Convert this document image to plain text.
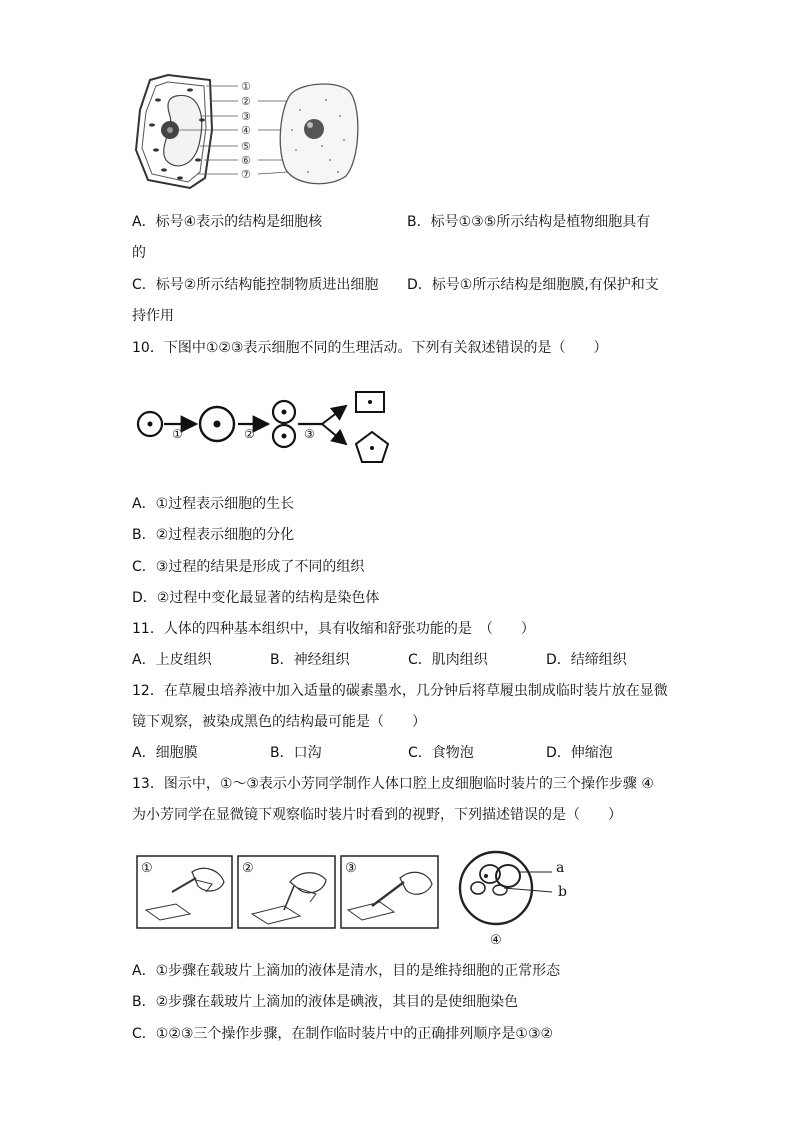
①
②
③
④
⑤
⑥
⑦
A．标号④表示的结构是细胞核	B．标号①③⑤所示结构是植物细胞具有
的
C．标号②所示结构能控制物质进出细胞 D．标号①所示结构是细胞膜,有保护和支
持作用
10．下图中①②③表示细胞不同的生理活动。下列有关叙述错误的是（　　）
①	②	③
A．①过程表示细胞的生长
B．②过程表示细胞的分化
C．③过程的结果是形成了不同的组织
D．②过程中变化最显著的结构是染色体
11．人体的四种基本组织中，具有收缩和舒张功能的是　（　　）
A．上皮组织	B．神经组织	C．肌肉组织	D．结缔组织
12．在草履虫培养液中加入适量的碳素墨水，几分钟后将草履虫制成临时装片放在显微
镜下观察，被染成黑色的结构最可能是（　　）
A．细胞膜	B．口沟	C．食物泡	D．伸缩泡
13．图示中，①～③表示小芳同学制作人体口腔上皮细胞临时装片的三个操作步骤 ④
为小芳同学在显微镜下观察临时装片时看到的视野，下列描述错误的是（　　）
①	②	③	a
b
④
A．①步骤在载玻片上滴加的液体是清水，目的是维持细胞的正常形态
B．②步骤在载玻片上滴加的液体是碘液，其目的是使细胞染色
C．①②③三个操作步骤，在制作临时装片中的正确排列顺序是①③②
